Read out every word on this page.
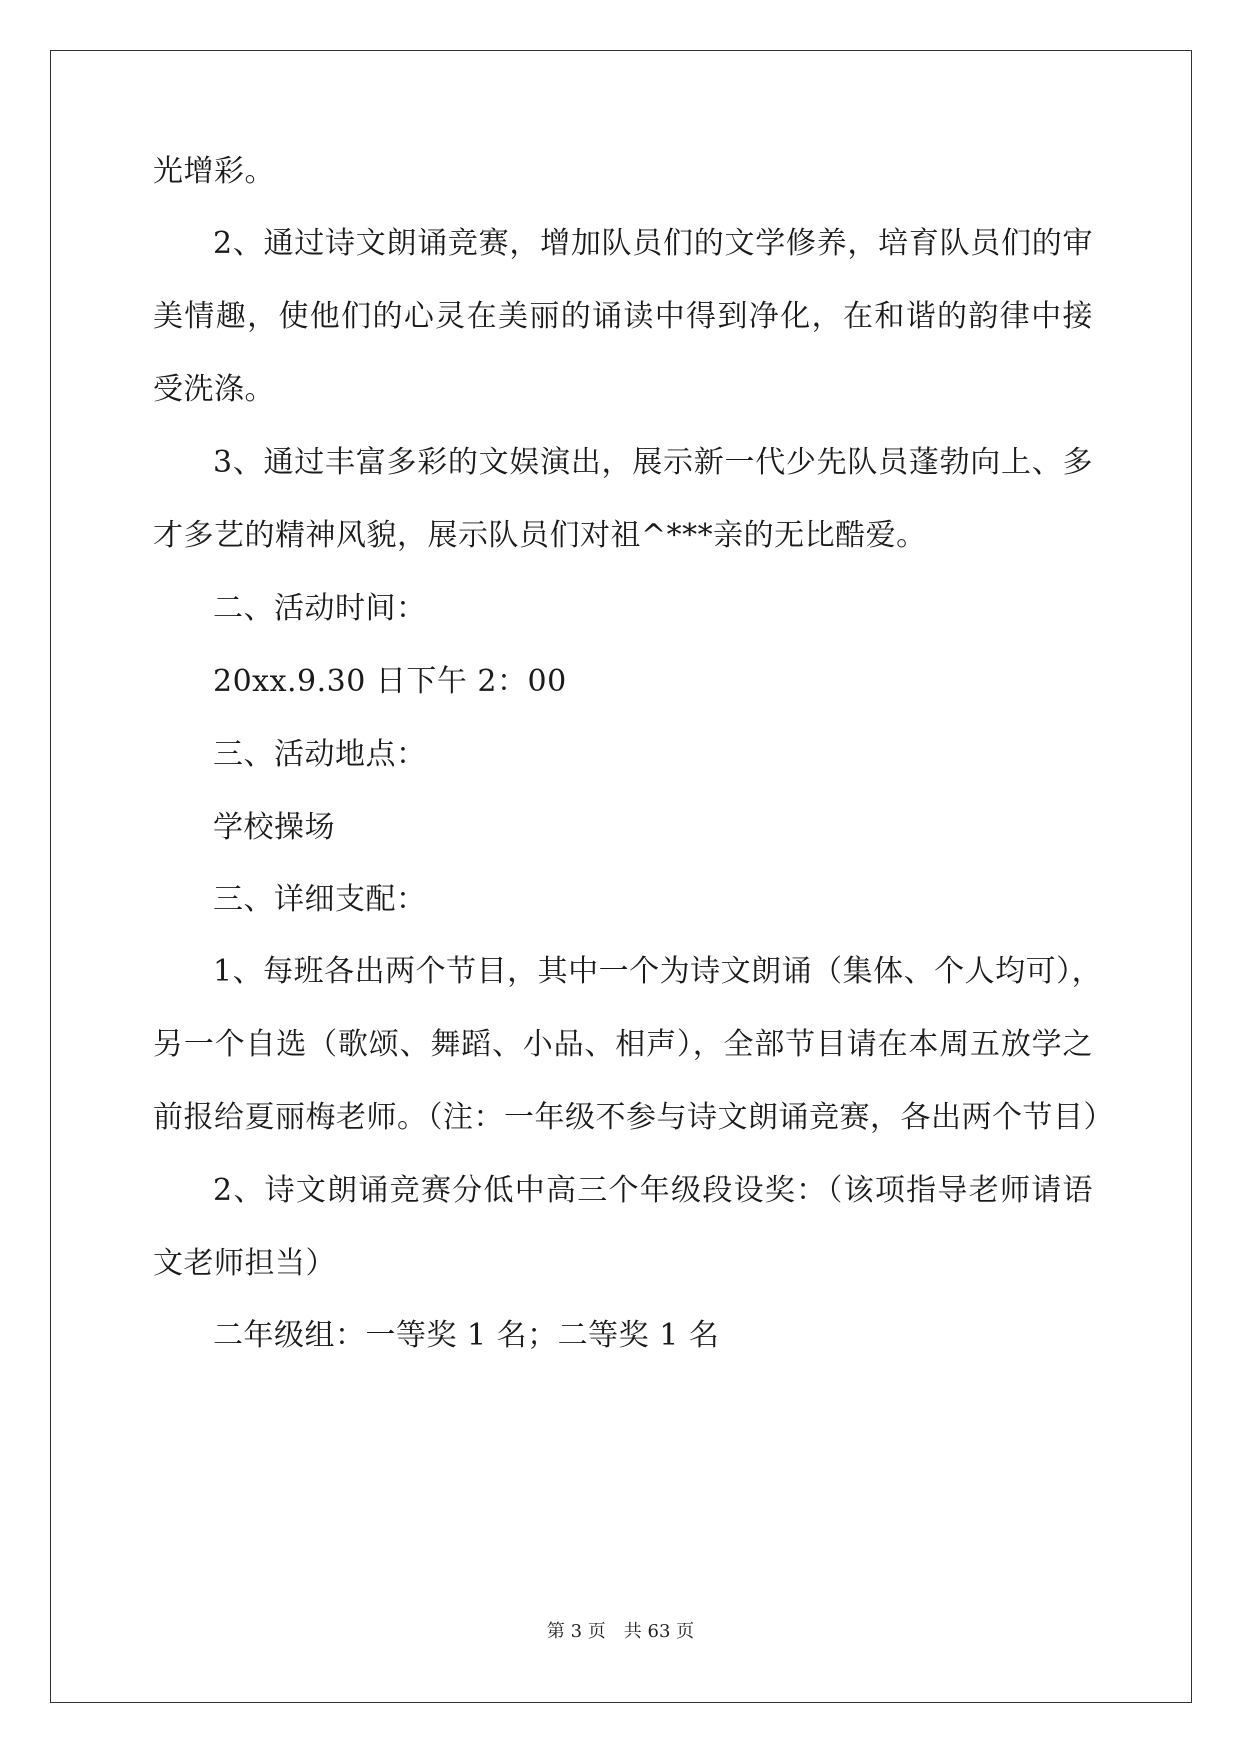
光增彩。
2、通过诗文朗诵竞赛，增加队员们的文学修养，培育队员们的审
美情趣，使他们的心灵在美丽的诵读中得到净化，在和谐的韵律中接
受洗涤。
3、通过丰富多彩的文娱演出，展示新一代少先队员蓬勃向上、多
才多艺的精神风貌，展示队员们对祖^***亲的无比酷爱。
二、活动时间：
20xx.9.30 日下午 2：00
三、活动地点：
学校操场
三、详细支配：
1、每班各出两个节目，其中一个为诗文朗诵（集体、个人均可），
另一个自选（歌颂、舞蹈、小品、相声），全部节目请在本周五放学之
前报给夏丽梅老师。（注：一年级不参与诗文朗诵竞赛，各出两个节目）
2、诗文朗诵竞赛分低中高三个年级段设奖：（该项指导老师请语
文老师担当）
二年级组：一等奖 1 名；二等奖 1 名
第 3 页　共 63 页
